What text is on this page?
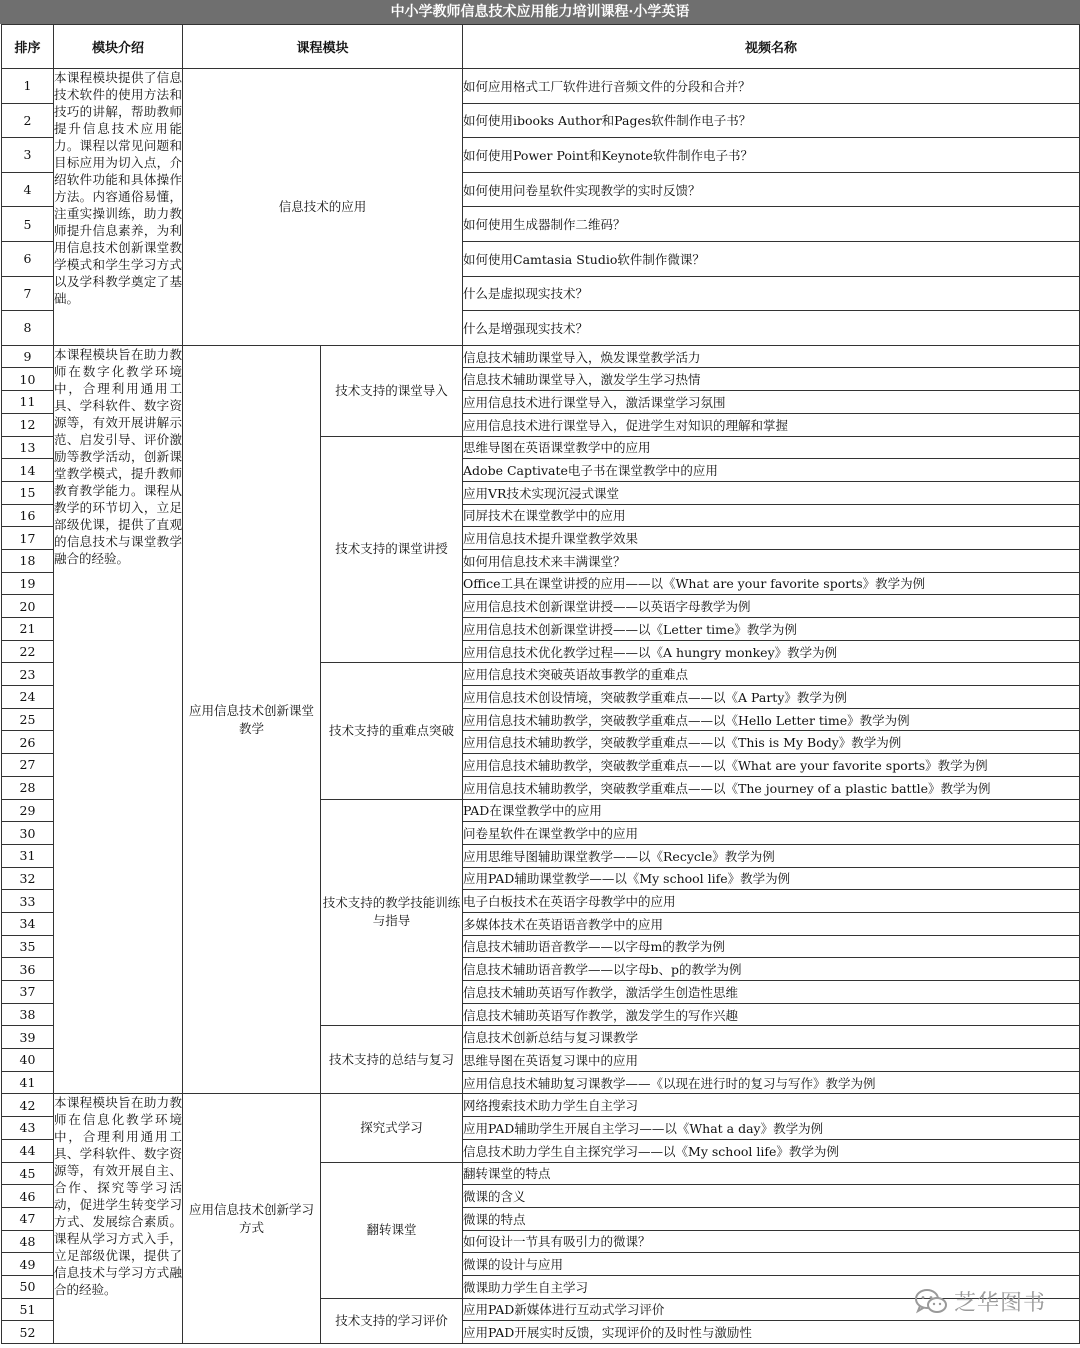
中小学教师信息技术应用能力培训课程·小学英语
排序	模块介绍	课程模块		视频名称
1	本课程模块提供了信息技术软件的使用方法和技巧的讲解，帮助教师提升信息技术应用能力。课程以常见问题和目标应用为切入点，介绍软件功能和具体操作方法。内容通俗易懂，注重实操训练，助力教师提升信息素养，为利用信息技术创新课堂教学模式和学生学习方式以及学科教学奠定了基础。	信息技术的应用		如何应用格式工厂软件进行音频文件的分段和合并？
2				如何使用ibooks Author和Pages软件制作电子书？
3				如何使用Power Point和Keynote软件制作电子书？
4				如何使用问卷星软件实现教学的实时反馈？
5				如何使用生成器制作二维码？
6				如何使用Camtasia Studio软件制作微课？
7				什么是虚拟现实技术？
8				什么是增强现实技术？
9	本课程模块旨在助力教师在数字化教学环境中，合理利用通用工具、学科软件、数字资源等，有效开展讲解示范、启发引导、评价激励等教学活动，创新课堂教学模式，提升教师教育教学能力。课程从教学的环节切入，立足部级优课，提供了直观的信息技术与课堂教学融合的经验。	应用信息技术创新课堂教学	技术支持的课堂导入	信息技术辅助课堂导入，焕发课堂教学活力
10				信息技术辅助课堂导入，激发学生学习热情
11				应用信息技术进行课堂导入，激活课堂学习氛围
12				应用信息技术进行课堂导入，促进学生对知识的理解和掌握
13			技术支持的课堂讲授	思维导图在英语课堂教学中的应用
14				Adobe Captivate电子书在课堂教学中的应用
15				应用VR技术实现沉浸式课堂
16				同屏技术在课堂教学中的应用
17				应用信息技术提升课堂教学效果
18				如何用信息技术来丰满课堂？
19				Office工具在课堂讲授的应用——以《What are your favorite sports》教学为例
20				应用信息技术创新课堂讲授——以英语字母教学为例
21				应用信息技术创新课堂讲授——以《Letter time》教学为例
22				应用信息技术优化教学过程——以《A hungry monkey》教学为例
23			技术支持的重难点突破	应用信息技术突破英语故事教学的重难点
24				应用信息技术创设情境，突破教学重难点——以《A Party》教学为例
25				应用信息技术辅助教学，突破教学重难点——以《Hello Letter time》教学为例
26				应用信息技术辅助教学，突破教学重难点——以《This is My Body》教学为例
27				应用信息技术辅助教学，突破教学重难点——以《What are your favorite sports》教学为例
28				应用信息技术辅助教学，突破教学重难点——以《The journey of a plastic battle》教学为例
29			技术支持的教学技能训练与指导	PAD在课堂教学中的应用
30				问卷星软件在课堂教学中的应用
31				应用思维导图辅助课堂教学——以《Recycle》教学为例
32				应用PAD辅助课堂教学——以《My school life》教学为例
33				电子白板技术在英语字母教学中的应用
34				多媒体技术在英语语音教学中的应用
35				信息技术辅助语音教学——以字母m的教学为例
36				信息技术辅助语音教学——以字母b、p的教学为例
37				信息技术辅助英语写作教学，激活学生创造性思维
38				信息技术辅助英语写作教学，激发学生的写作兴趣
39			技术支持的总结与复习	信息技术创新总结与复习课教学
40				思维导图在英语复习课中的应用
41				应用信息技术辅助复习课教学——《以现在进行时的复习与写作》教学为例
42	本课程模块旨在助力教师在信息化教学环境中，合理利用通用工具、学科软件、数字资源等，有效开展自主、合作、探究等学习活动，促进学生转变学习方式、发展综合素质。课程从学习方式入手，立足部级优课，提供了信息技术与学习方式融合的经验。	应用信息技术创新学习方式	探究式学习	网络搜索技术助力学生自主学习
43				应用PAD辅助学生开展自主学习——以《What a day》教学为例
44				信息技术助力学生自主探究学习——以《My school life》教学为例
45			翻转课堂	翻转课堂的特点
46				微课的含义
47				微课的特点
48				如何设计一节具有吸引力的微课？
49				微课的设计与应用
50				微课助力学生自主学习
51			技术支持的学习评价	应用PAD新媒体进行互动式学习评价
52				应用PAD开展实时反馈，实现评价的及时性与激励性
芝华图书
